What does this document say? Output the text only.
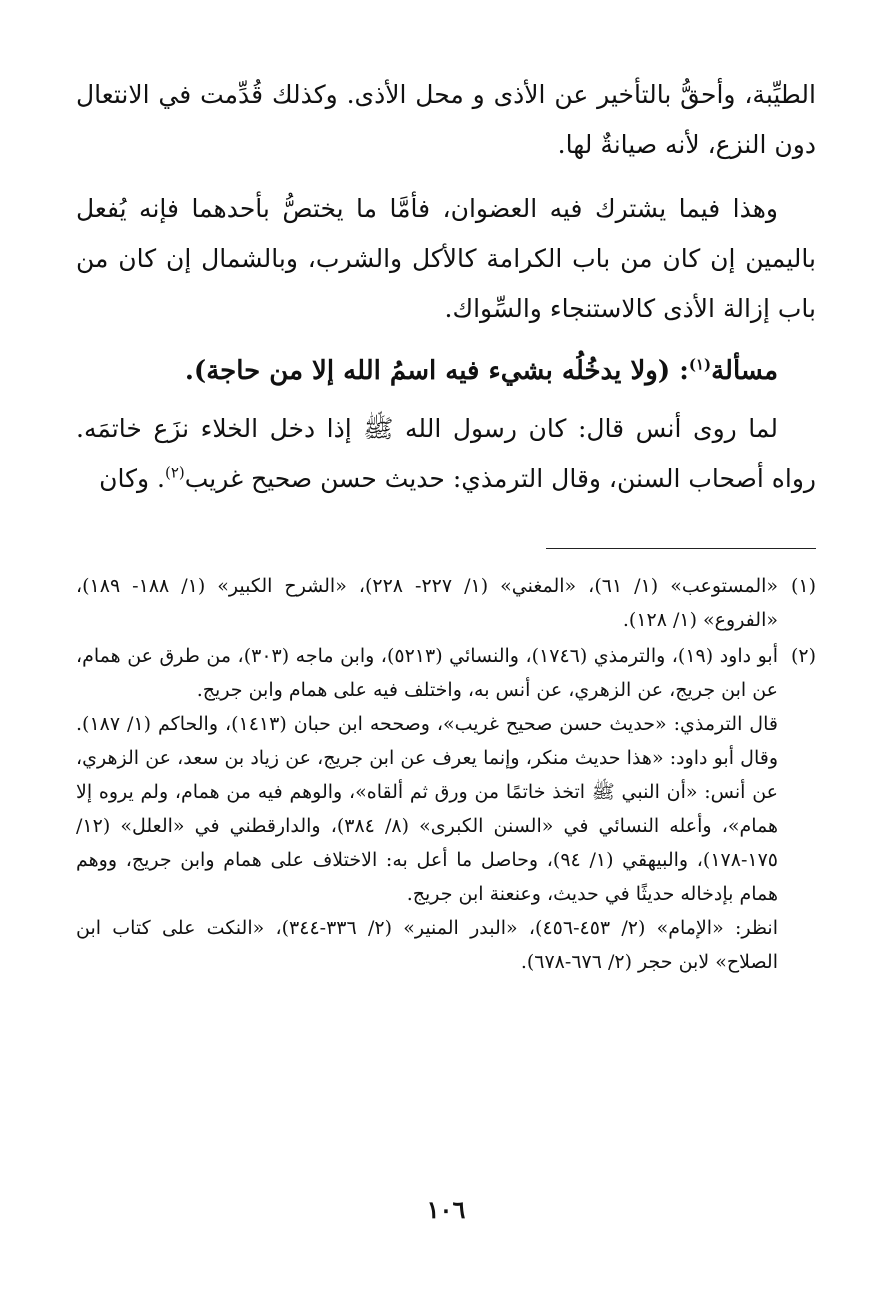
الطيِّبة، وأحقُّ بالتأخير عن الأذى و محل الأذى. وكذلك قُدِّمت في الانتعال دون النزع، لأنه صيانةٌ لها.

وهذا فيما يشترك فيه العضوان، فأمَّا ما يختصُّ بأحدهما فإنه يُفعل باليمين إن كان من باب الكرامة كالأكل والشرب، وبالشمال إن كان من باب إزالة الأذى كالاستنجاء والسِّواك.

مسألة$^{(١)}$: (ولا يدخُلُه بشيء فيه اسمُ الله إلا من حاجة).

لما روى أنس قال: كان رسول الله ﷺ إذا دخل الخلاء نزَع خاتمَه. رواه أصحاب السنن، وقال الترمذي: حديث حسن صحيح غريب$^{(٢)}$. وكان

(١)

«المستوعب» (١/ ٦١)، «المغني» (١/ ٢٢٧- ٢٢٨)، «الشرح الكبير» (١/ ١٨٨- ١٨٩)، «الفروع» (١/ ١٢٨).

(٢)

أبو داود (١٩)، والترمذي (١٧٤٦)، والنسائي (٥٢١٣)، وابن ماجه (٣٠٣)، من طرق عن همام، عن ابن جريج، عن الزهري، عن أنس به، واختلف فيه على همام وابن جريج.

قال الترمذي: «حديث حسن صحيح غريب»، وصححه ابن حبان (١٤١٣)، والحاكم (١/ ١٨٧). وقال أبو داود: «هذا حديث منكر، وإنما يعرف عن ابن جريج، عن زياد بن سعد، عن الزهري، عن أنس: «أن النبي ﷺ اتخذ خاتمًا من ورق ثم ألقاه»، والوهم فيه من همام، ولم يروه إلا همام»، وأعله النسائي في «السنن الكبرى» (٨/ ٣٨٤)، والدارقطني في «العلل» (١٢/ ١٧٥-١٧٨)، والبيهقي (١/ ٩٤)، وحاصل ما أعل به: الاختلاف على همام وابن جريج، ووهم همام بإدخاله حديثًا في حديث، وعنعنة ابن جريج.

انظر: «الإمام» (٢/ ٤٥٣-٤٥٦)، «البدر المنير» (٢/ ٣٣٦-٣٤٤)، «النكت على كتاب ابن الصلاح» لابن حجر (٢/ ٦٧٦-٦٧٨).

١٠٦
